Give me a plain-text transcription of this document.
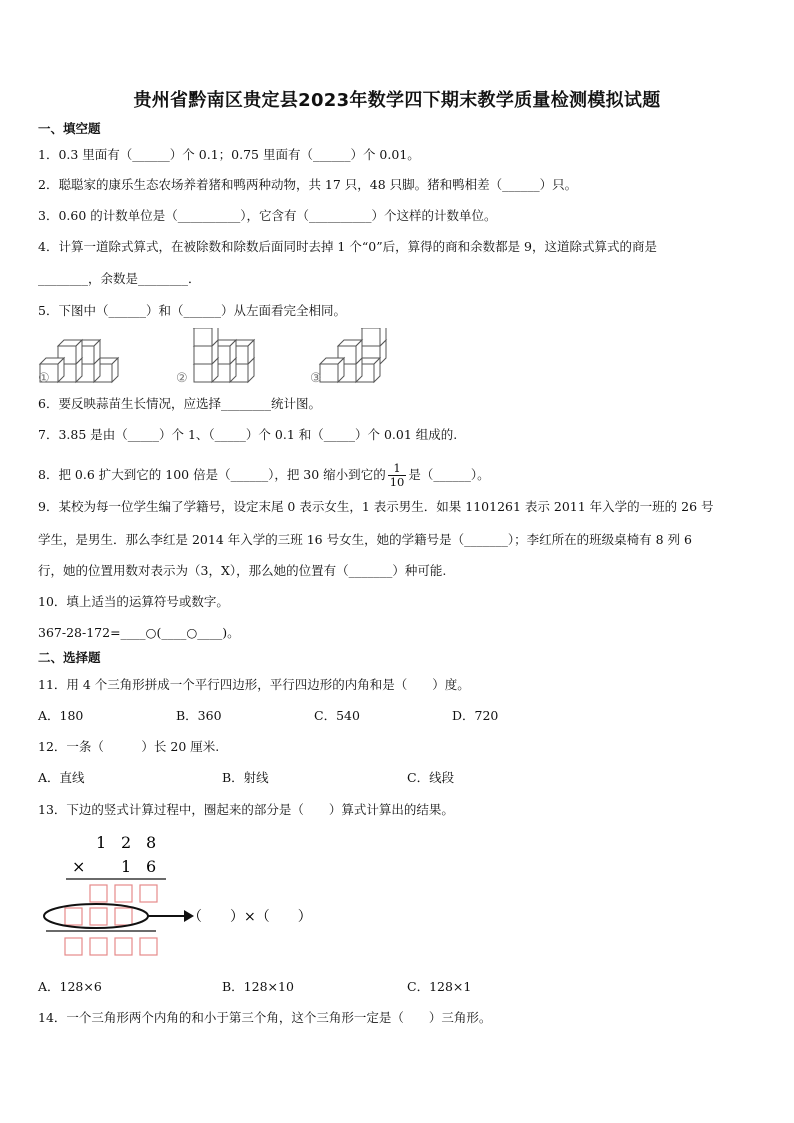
贵州省黔南区贵定县2023年数学四下期末教学质量检测模拟试题
一、填空题
1．0.3 里面有（______）个 0.1；0.75 里面有（______）个 0.01。
2．聪聪家的康乐生态农场养着猪和鸭两种动物，共 17 只，48 只脚。猪和鸭相差（______）只。
3．0.60 的计数单位是（__________），它含有（__________）个这样的计数单位。
4．计算一道除式算式，在被除数和除数后面同时去掉 1 个“0”后，算得的商和余数都是 9，这道除式算式的商是
________，余数是________．
5．下图中（______）和（______）从左面看完全相同。
①	②	③
6．要反映蒜苗生长情况，应选择________统计图。
7．3.85 是由（_____）个 1、（_____）个 0.1 和（_____）个 0.01 组成的.
8．把 0.6 扩大到它的 100 倍是（______），把 30 缩小到它的 $\frac{1}{10}$ 是（______）。
9．某校为每一位学生编了学籍号，设定末尾 0 表示女生，1 表示男生．如果 1101261 表示 2011 年入学的一班的 26 号
学生，是男生．那么李红是 2014 年入学的三班 16 号女生，她的学籍号是（_______）；李红所在的班级桌椅有 8 列 6
行，她的位置用数对表示为（3，X），那么她的位置有（_______）种可能.
10．填上适当的运算符号或数字。
367-28-172=____○(____○____)。
二、选择题
11．用 4 个三角形拼成一个平行四边形，平行四边形的内角和是（　　）度。
A．180	B．360	C．540	D．720
12．一条（　　　）长 20 厘米.
A．直线	B．射线	C．线段
13．下边的竖式计算过程中，圈起来的部分是（　　）算式计算出的结果。
1 2 8
× 1 6
（　　）×（　　）
A．128×6	B．128×10	C．128×1
14．一个三角形两个内角的和小于第三个角，这个三角形一定是（　　）三角形。
